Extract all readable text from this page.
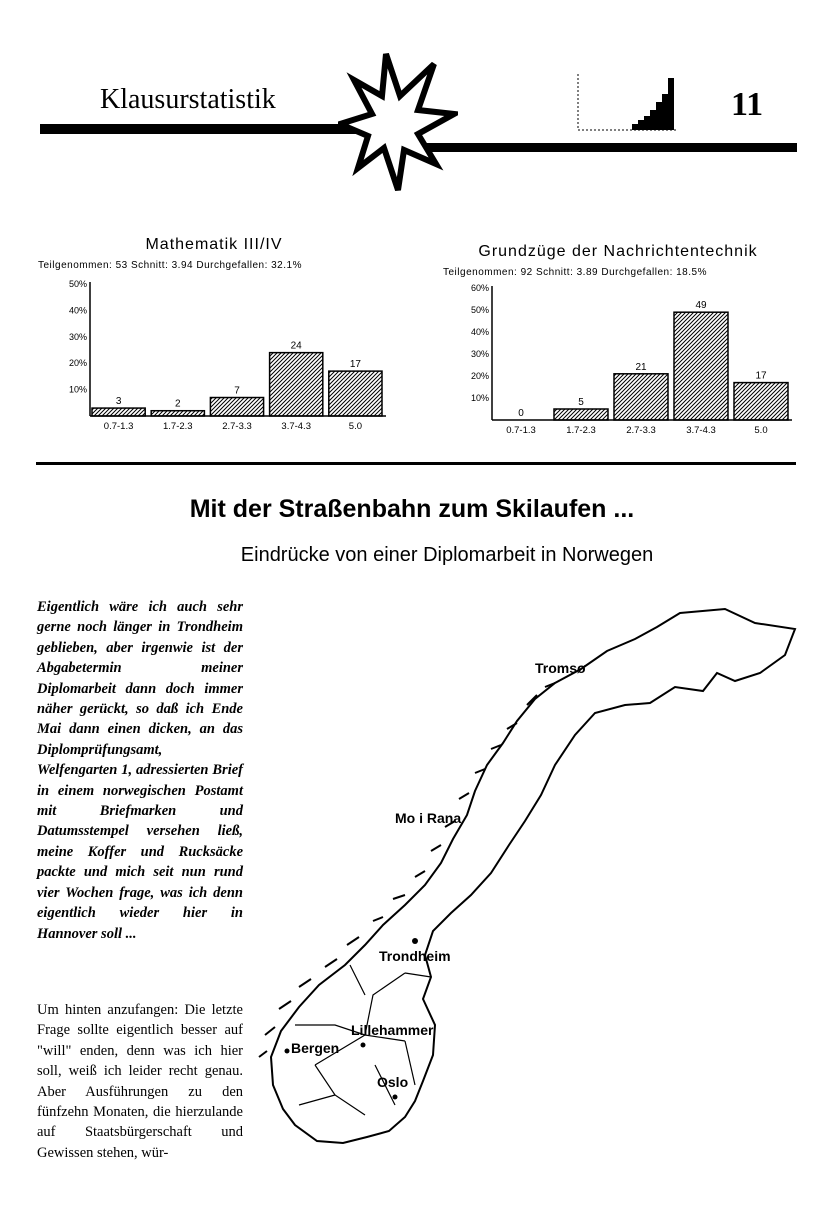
Klausurstatistik	11
Mathematik III/IV
Teilgenommen: 53 Schnitt: 3.94 Durchgefallen: 32.1%
10%
20%
30%
40%
50%
3
0.7-1.3
2
1.7-2.3
7
2.7-3.3
24
3.7-4.3
17
5.0
Grundzüge der Nachrichtentechnik
Teilgenommen: 92 Schnitt: 3.89 Durchgefallen: 18.5%
10%
20%
30%
40%
50%
60%
0
0.7-1.3
5
1.7-2.3
21
2.7-3.3
49
3.7-4.3
17
5.0
Mit der Straßenbahn zum Skilaufen ...
Eindrücke von einer Diplomarbeit in Norwegen
Eigentlich wäre ich auch sehr gerne noch länger in Trondheim geblieben, aber irgenwie ist der Abgabetermin meiner Diplomarbeit dann doch immer näher gerückt, so daß ich Ende Mai dann einen dicken, an das Diplomprüfungsamt, Welfengarten 1, adressierten Brief in einem norwegischen Postamt mit Briefmarken und Datumsstempel versehen ließ, meine Koffer und Rucksäcke packte und mich seit nun rund vier Wochen frage, was ich denn eigentlich wieder hier in Hannover soll ...
Um hinten anzufangen: Die letzte Frage sollte eigentlich besser auf "will" enden, denn was ich hier soll, weiß ich leider recht genau. Aber Ausführungen zu den fünfzehn Monaten, die hierzulande auf Staatsbürgerschaft und Gewissen stehen, wür-
Tromsø
Mo i Rana
Trondheim
Lillehammer
Bergen
Oslo
